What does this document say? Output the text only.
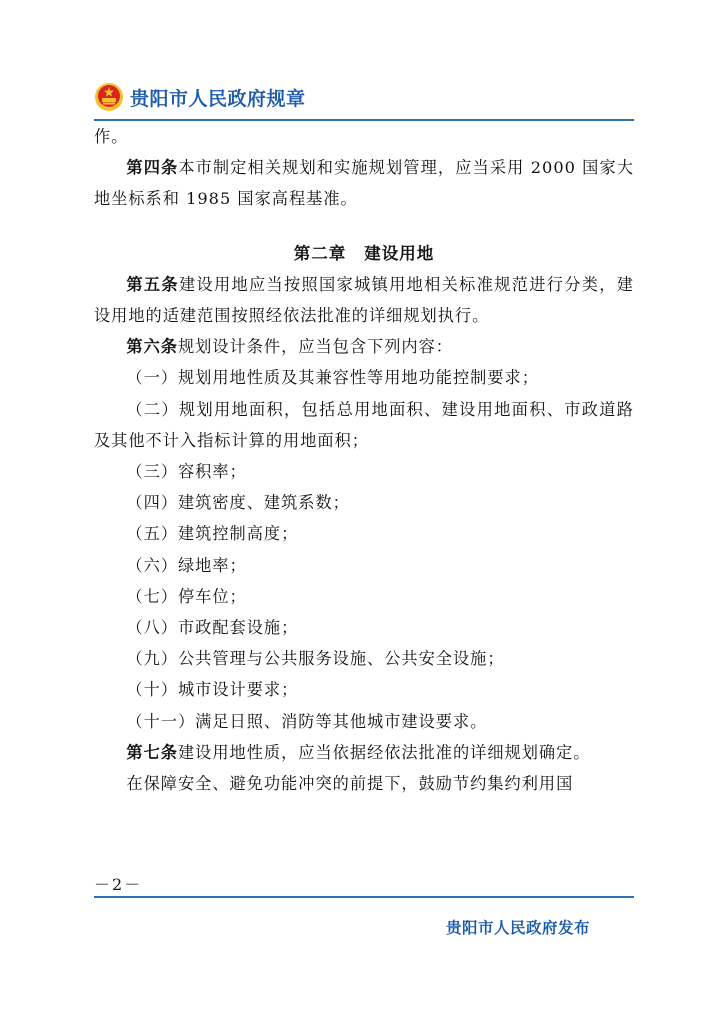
贵阳市人民政府规章

作。

第四条本市制定相关规划和实施规划管理，应当采用 2000 国家大地坐标系和 1985 国家高程基准。

第二章 建设用地

第五条建设用地应当按照国家城镇用地相关标准规范进行分类，建设用地的适建范围按照经依法批准的详细规划执行。

第六条规划设计条件，应当包含下列内容：

（一）规划用地性质及其兼容性等用地功能控制要求；

（二）规划用地面积，包括总用地面积、建设用地面积、市政道路及其他不计入指标计算的用地面积；

（三）容积率；

（四）建筑密度、建筑系数；

（五）建筑控制高度；

（六）绿地率；

（七）停车位；

（八）市政配套设施；

（九）公共管理与公共服务设施、公共安全设施；

（十）城市设计要求；

（十一）满足日照、消防等其他城市建设要求。

第七条建设用地性质，应当依据经依法批准的详细规划确定。

在保障安全、避免功能冲突的前提下，鼓励节约集约利用国

－2－
贵阳市人民政府发布
